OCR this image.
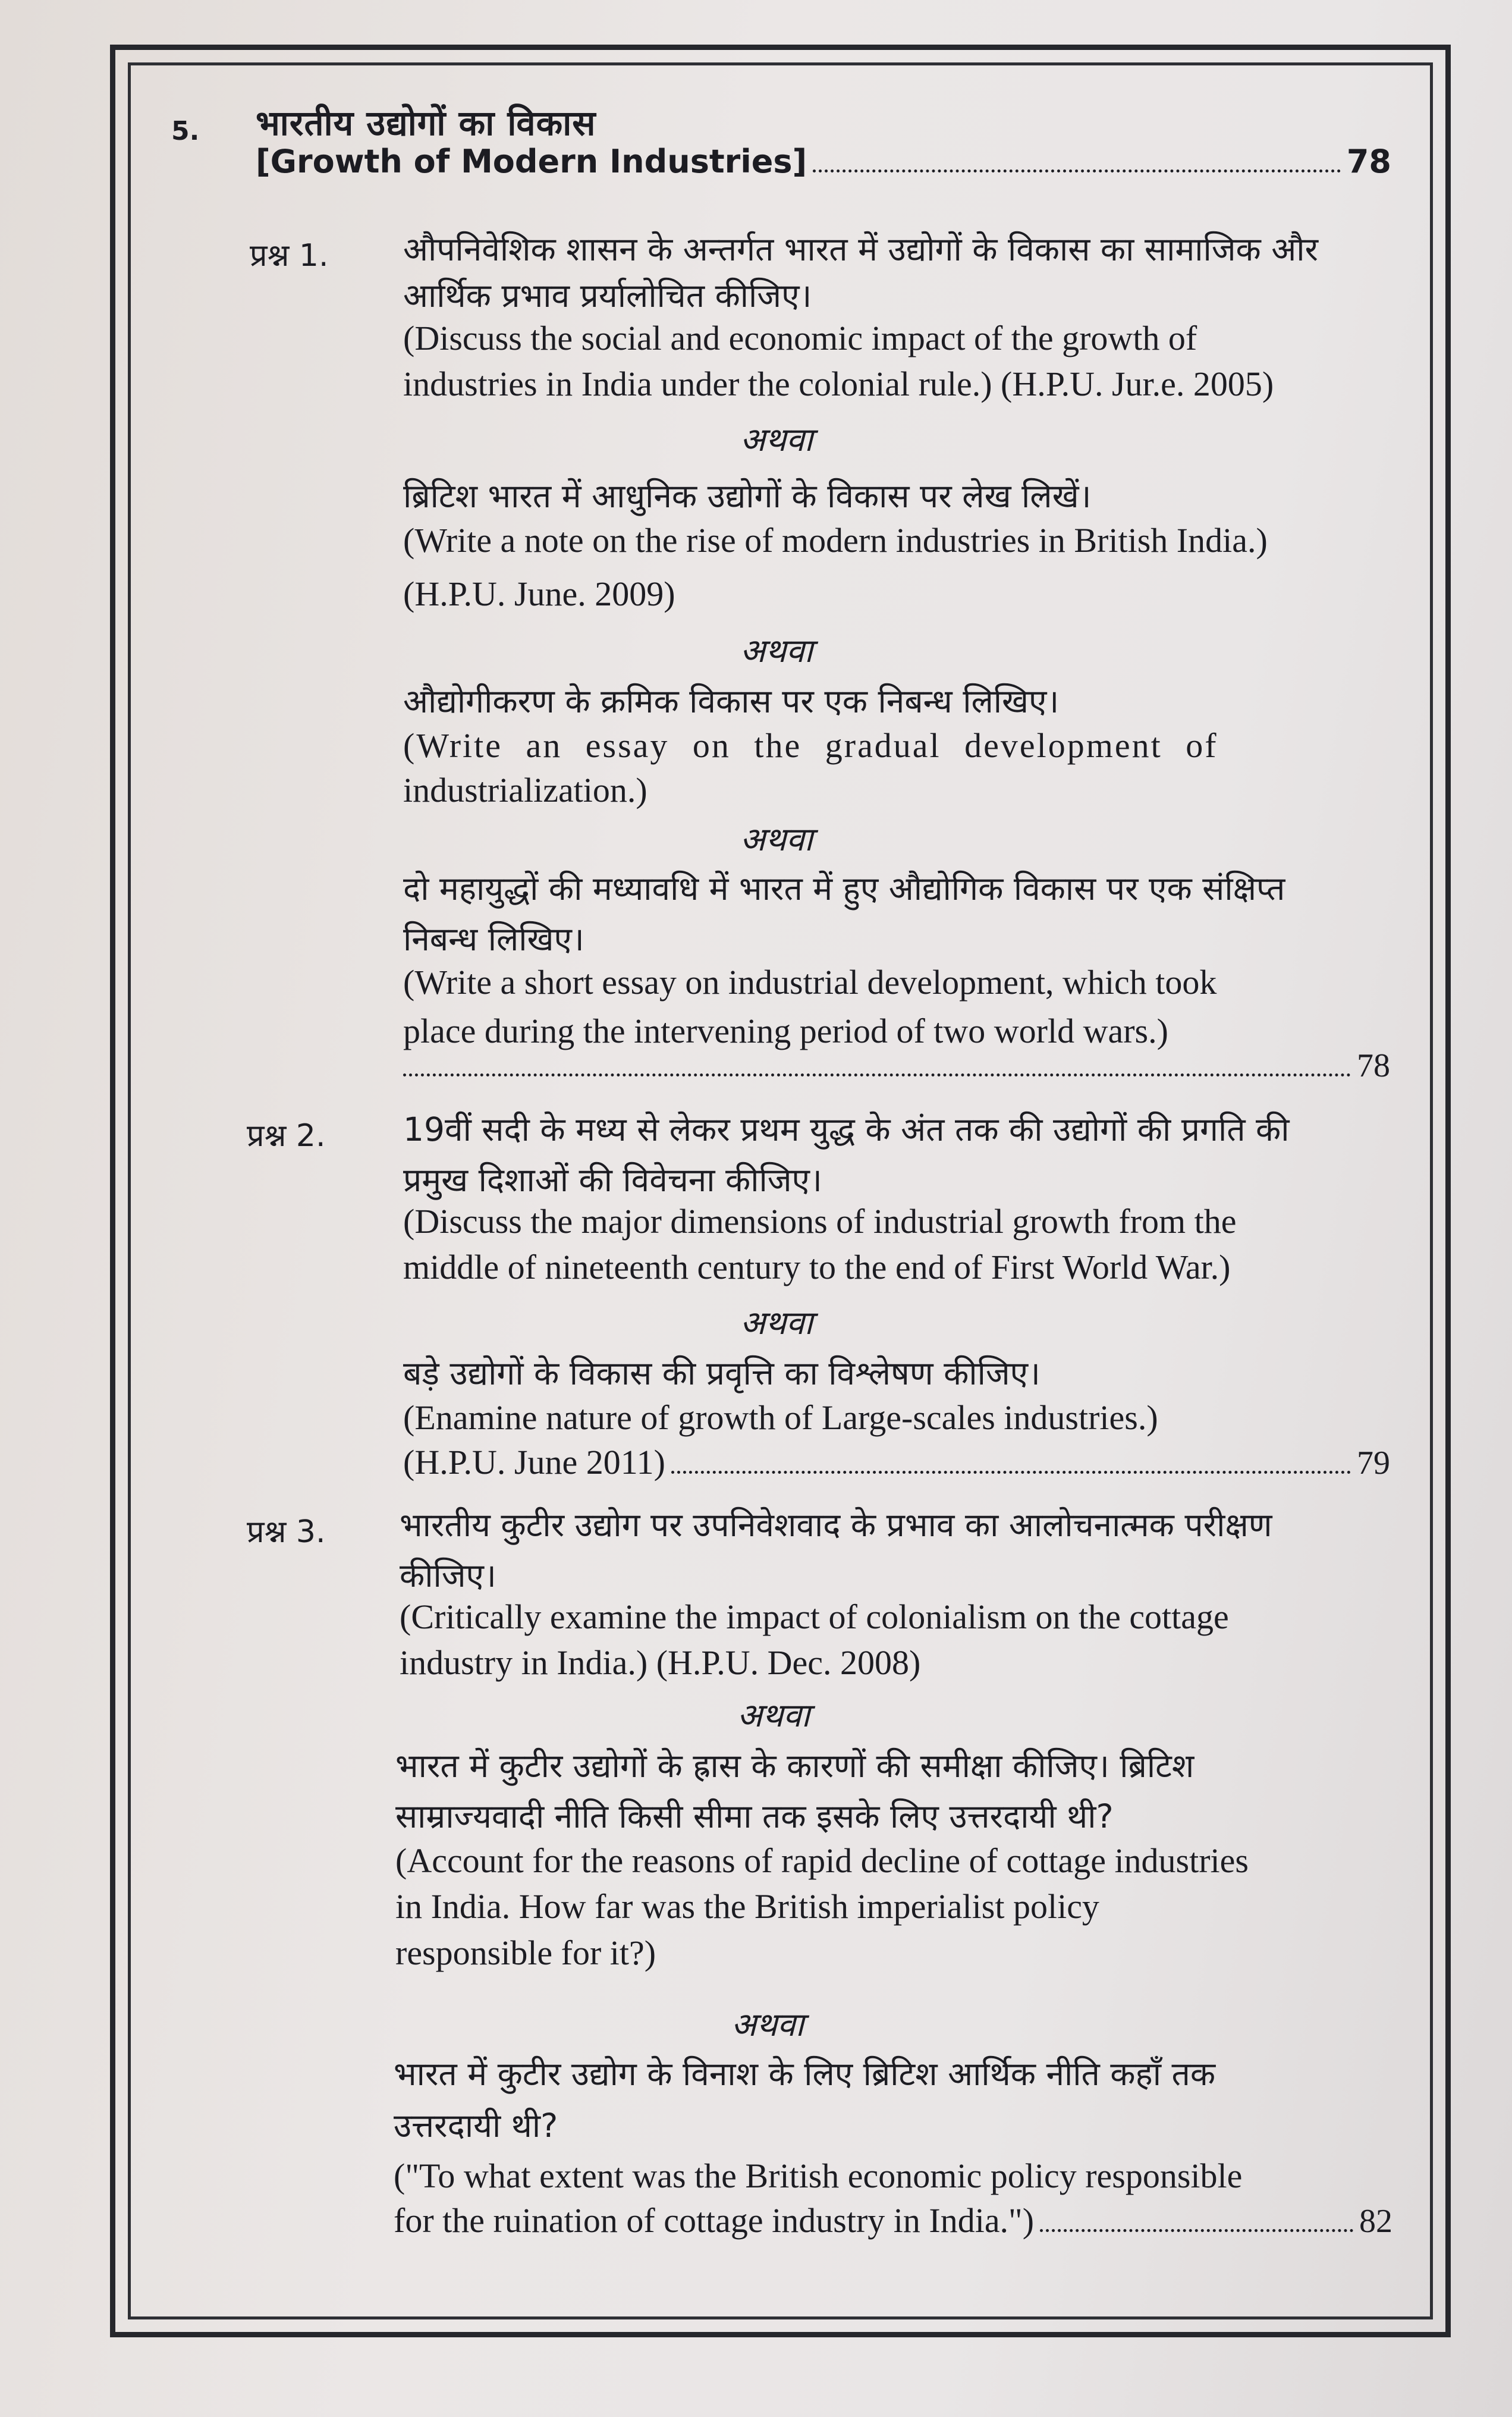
5. भारतीय उद्योगों का विकास
[Growth of Modern Industries]	78
प्रश्न 1. औपनिवेशिक शासन के अन्तर्गत भारत में उद्योगों के विकास का सामाजिक और
आर्थिक प्रभाव प्रर्यालोचित कीजिए।
(Discuss the social and economic impact of the growth of
industries in India under the colonial rule.) (H.P.U. Jur.e. 2005)
अथवा
ब्रिटिश भारत में आधुनिक उद्योगों के विकास पर लेख लिखें।
(Write a note on the rise of modern industries in British India.)
(H.P.U. June. 2009)
अथवा
औद्योगीकरण के क्रमिक विकास पर एक निबन्ध लिखिए।
(Write an essay on the gradual development of
industrialization.)
अथवा
दो महायुद्धों की मध्यावधि में भारत में हुए औद्योगिक विकास पर एक संक्षिप्त
निबन्ध लिखिए।
(Write a short essay on industrial development, which took
place during the intervening period of two world wars.)
78
प्रश्न 2. 19वीं सदी के मध्य से लेकर प्रथम युद्ध के अंत तक की उद्योगों की प्रगति की
प्रमुख दिशाओं की विवेचना कीजिए।
(Discuss the major dimensions of industrial growth from the
middle of nineteenth century to the end of First World War.)
अथवा
बड़े उद्योगों के विकास की प्रवृत्ति का विश्लेषण कीजिए।
(Enamine nature of growth of Large-scales industries.)
(H.P.U. June 2011)	79
प्रश्न 3. भारतीय कुटीर उद्योग पर उपनिवेशवाद के प्रभाव का आलोचनात्मक परीक्षण
कीजिए।
(Critically examine the impact of colonialism on the cottage
industry in India.) (H.P.U. Dec. 2008)
अथवा
भारत में कुटीर उद्योगों के ह्रास के कारणों की समीक्षा कीजिए। ब्रिटिश
साम्राज्यवादी नीति किसी सीमा तक इसके लिए उत्तरदायी थी?
(Account for the reasons of rapid decline of cottage industries
in India. How far was the British imperialist policy
responsible for it?)
अथवा
भारत में कुटीर उद्योग के विनाश के लिए ब्रिटिश आर्थिक नीति कहाँ तक
उत्तरदायी थी?
("To what extent was the British economic policy responsible
for the ruination of cottage industry in India.")	82
